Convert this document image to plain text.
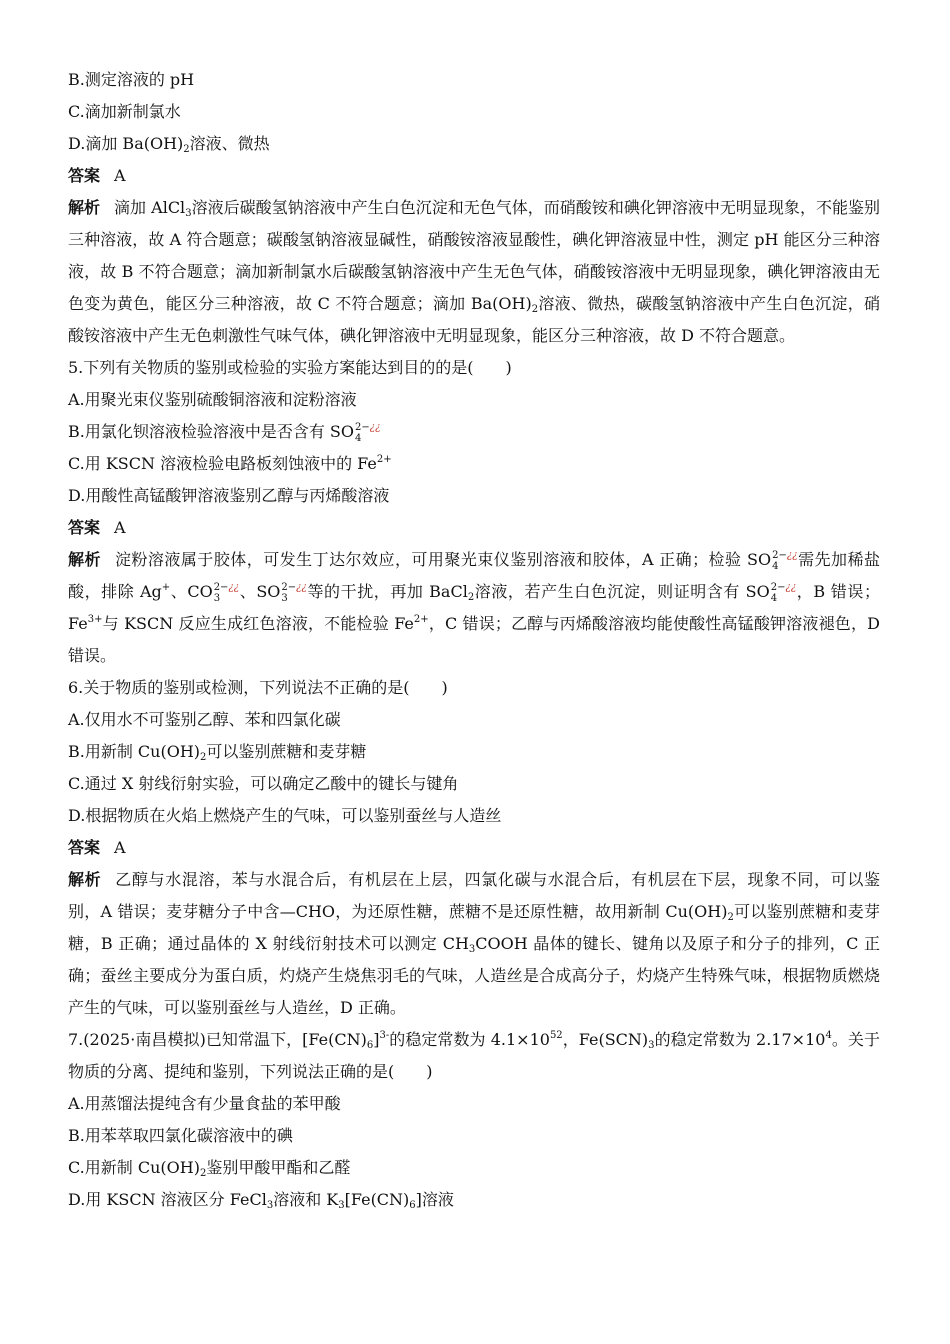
B.测定溶液的 pH
C.滴加新制氯水
D.滴加 $Ba(OH)_2$溶液、微热
答案 A
解析 滴加 AlCl$_3$溶液后碳酸氢钠溶液中产生白色沉淀和无色气体，而硝酸铵和碘化钾溶液中无明显现象，不能鉴别三种溶液，故 A 符合题意；碳酸氢钠溶液显碱性，硝酸铵溶液显酸性，碘化钾溶液显中性，测定 pH 能区分三种溶液，故 B 不符合题意；滴加新制氯水后碳酸氢钠溶液中产生无色气体，硝酸铵溶液中无明显现象，碘化钾溶液由无色变为黄色，能区分三种溶液，故 C 不符合题意；滴加 $Ba(OH)_2$溶液、微热，碳酸氢钠溶液中产生白色沉淀，硝酸铵溶液中产生无色刺激性气味气体，碘化钾溶液中无明显现象，能区分三种溶液，故 D 不符合题意。
5.下列有关物质的鉴别或检验的实验方案能达到目的的是(　　)
A.用聚光束仪鉴别硫酸铜溶液和淀粉溶液
B.用氯化钡溶液检验溶液中是否含有 SO 2−¿¿
4
C.用 KSCN 溶液检验电路板刻蚀液中的 $Fe^{2+}$
D.用酸性高锰酸钾溶液鉴别乙醇与丙烯酸溶液
答案 A
解析 淀粉溶液属于胶体，可发生丁达尔效应，可用聚光束仪鉴别溶液和胶体，A 正确；检验 SO 2−¿¿
4	需先加稀盐酸，排除 Ag+、CO 2−¿¿
3	、SO 2−¿¿
3	等的干扰，再加 BaCl$_2$溶液，若产生白色沉淀，则证明含有 SO 2−¿¿
4	，B 错误；$Fe^{3+}$与 KSCN 反应生成红色溶液，不能检验 $Fe^{2+}$，C 错误；乙醇与丙烯酸溶液均能使酸性高锰酸钾溶液褪色，D 错误。
6.关于物质的鉴别或检测，下列说法不正确的是(　　)
A.仅用水不可鉴别乙醇、苯和四氯化碳
B.用新制 $Cu(OH)_2$可以鉴别蔗糖和麦芽糖
C.通过 X 射线衍射实验，可以确定乙酸中的键长与键角
D.根据物质在火焰上燃烧产生的气味，可以鉴别蚕丝与人造丝
答案 A
解析 乙醇与水混溶，苯与水混合后，有机层在上层，四氯化碳与水混合后，有机层在下层，现象不同，可以鉴别，A 错误；麦芽糖分子中含—CHO，为还原性糖，蔗糖不是还原性糖，故用新制 $Cu(OH)_2$可以鉴别蔗糖和麦芽糖，B 正确；通过晶体的 X 射线衍射技术可以测定 $CH_3COOH$ 晶体的键长、键角以及原子和分子的排列，C 正确；蚕丝主要成分为蛋白质，灼烧产生烧焦羽毛的气味，人造丝是合成高分子，灼烧产生特殊气味，根据物质燃烧产生的气味，可以鉴别蚕丝与人造丝，D 正确。
7.(2025·南昌模拟)已知常温下，$[Fe(CN)_6]^{3-}$的稳定常数为 $4.1\times 10^{52}$，$Fe(SCN)_3$的稳定常数为 $2.17\times 10^4$。关于物质的分离、提纯和鉴别，下列说法正确的是(　　)
A.用蒸馏法提纯含有少量食盐的苯甲酸
B.用苯萃取四氯化碳溶液中的碘
C.用新制 $Cu(OH)_2$鉴别甲酸甲酯和乙醛
D.用 KSCN 溶液区分 FeCl$_3$溶液和 $K_3[Fe(CN)_6]$溶液
